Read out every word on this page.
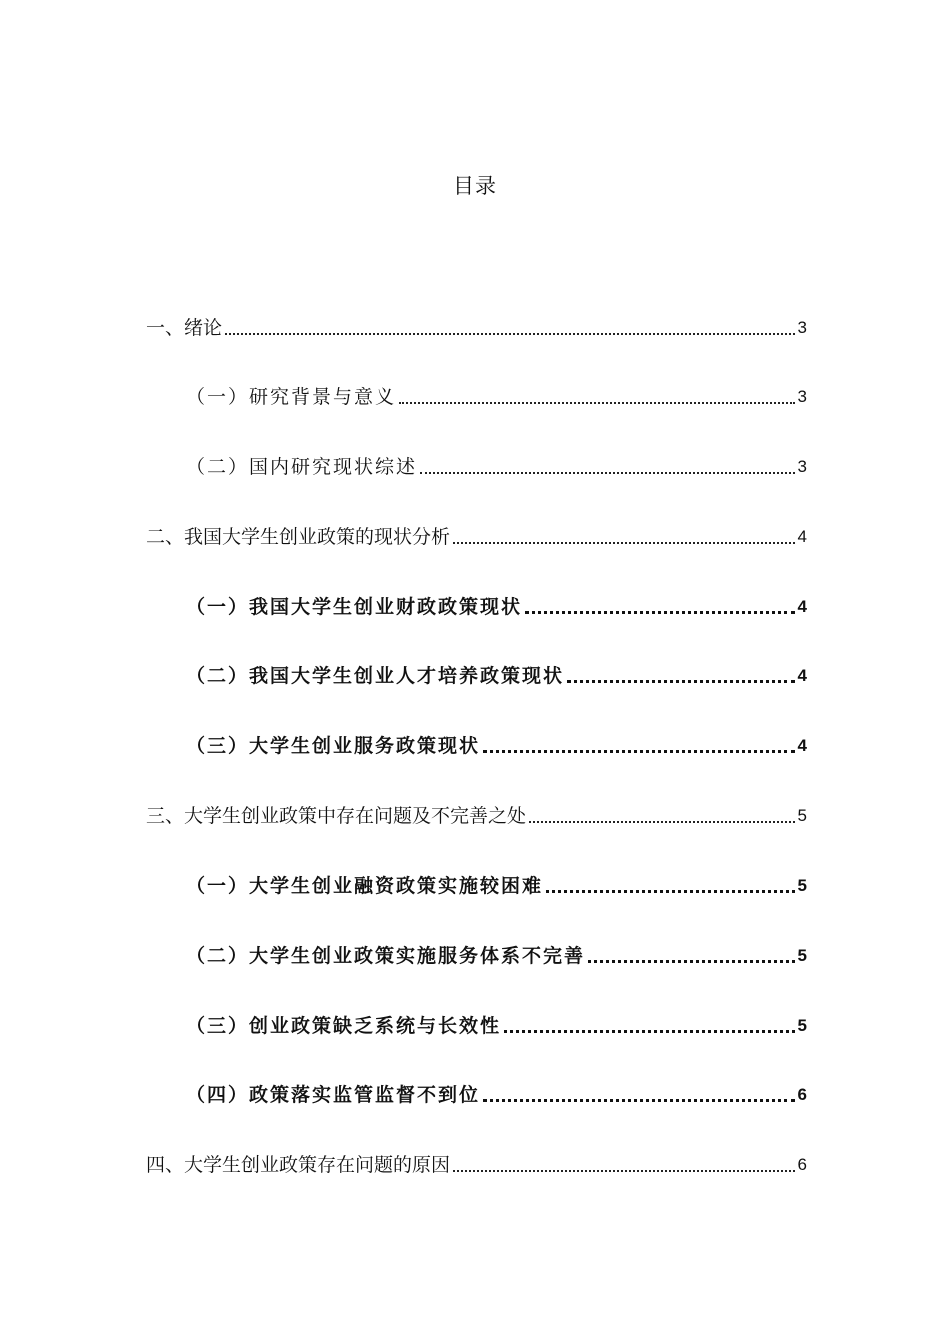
目录
一、绪论	3
（一）研究背景与意义	3
（二）国内研究现状综述	3
二、我国大学生创业政策的现状分析	4
（一）我国大学生创业财政政策现状	4
（二）我国大学生创业人才培养政策现状	4
（三）大学生创业服务政策现状	4
三、大学生创业政策中存在问题及不完善之处	5
（一）大学生创业融资政策实施较困难	5
（二）大学生创业政策实施服务体系不完善	5
（三）创业政策缺乏系统与长效性	5
（四）政策落实监管监督不到位	6
四、大学生创业政策存在问题的原因	6
